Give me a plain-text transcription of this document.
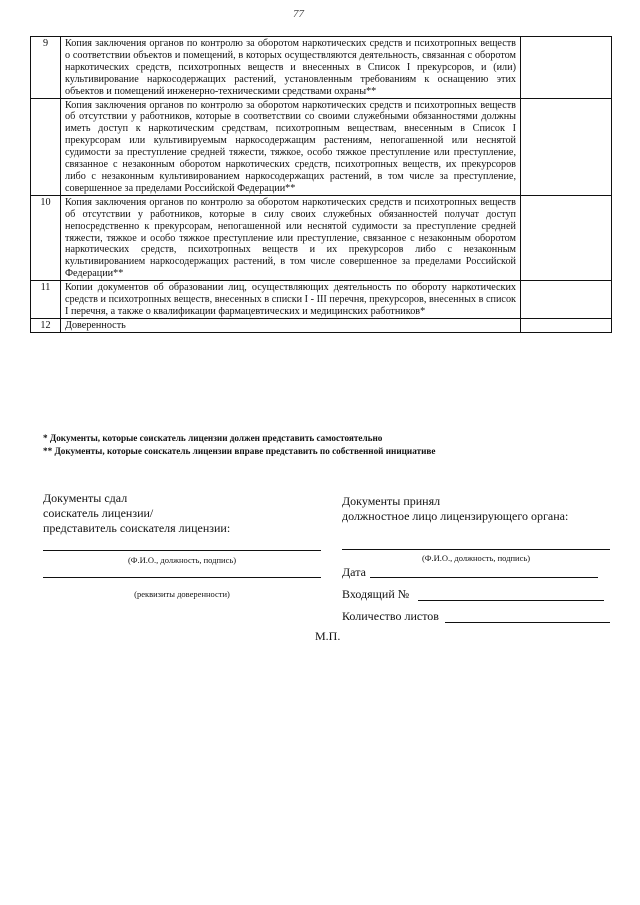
77
9	Копия заключения органов по контролю за оборотом наркотических средств и психотропных веществ о соответствии объектов и помещений, в которых осуществляются деятельность, связанная с оборотом наркотических средств, психотропных веществ и внесенных в Список I прекурсоров, и (или) культивирование наркосодержащих растений, установленным требованиям к оснащению этих объектов и помещений инженерно-техническими средствами охраны**	
	Копия заключения органов по контролю за оборотом наркотических средств и психотропных веществ об отсутствии у работников, которые в соответствии со своими служебными обязанностями должны иметь доступ к наркотическим средствам, психотропным веществам, внесенным в Список I прекурсорам или культивируемым наркосодержащим растениям, непогашенной или неснятой судимости за преступление средней тяжести, тяжкое, особо тяжкое преступление или преступление, связанное с незаконным оборотом наркотических средств, психотропных веществ, их прекурсоров либо с незаконным культивированием наркосодержащих растений, в том числе за преступление, совершенное за пределами Российской Федерации**	
10	Копия заключения органов по контролю за оборотом наркотических средств и психотропных веществ об отсутствии у работников, которые в силу своих служебных обязанностей получат доступ непосредственно к прекурсорам, непогашенной или неснятой судимости за преступление средней тяжести, тяжкое и особо тяжкое преступление или преступление, связанное с незаконным оборотом наркотических средств, психотропных веществ и их прекурсоров либо с незаконным культивированием наркосодержащих растений, в том числе совершенное за пределами Российской Федерации**	
11	Копии документов об образовании лиц, осуществляющих деятельность по обороту наркотических средств и психотропных веществ, внесенных в списки I - III перечня, прекурсоров, внесенных в список I перечня, а также о квалификации фармацевтических и медицинских работников*	
12	Доверенность	
* Документы, которые соискатель лицензии должен представить самостоятельно
** Документы, которые соискатель лицензии вправе представить по собственной инициативе
Документы сдал
соискатель лицензии/
представитель соискателя лицензии:
(Ф.И.О., должность, подпись)
(реквизиты доверенности)
Документы принял
должностное лицо лицензирующего органа:
(Ф.И.О., должность, подпись)
Дата
Входящий №
Количество листов
М.П.
